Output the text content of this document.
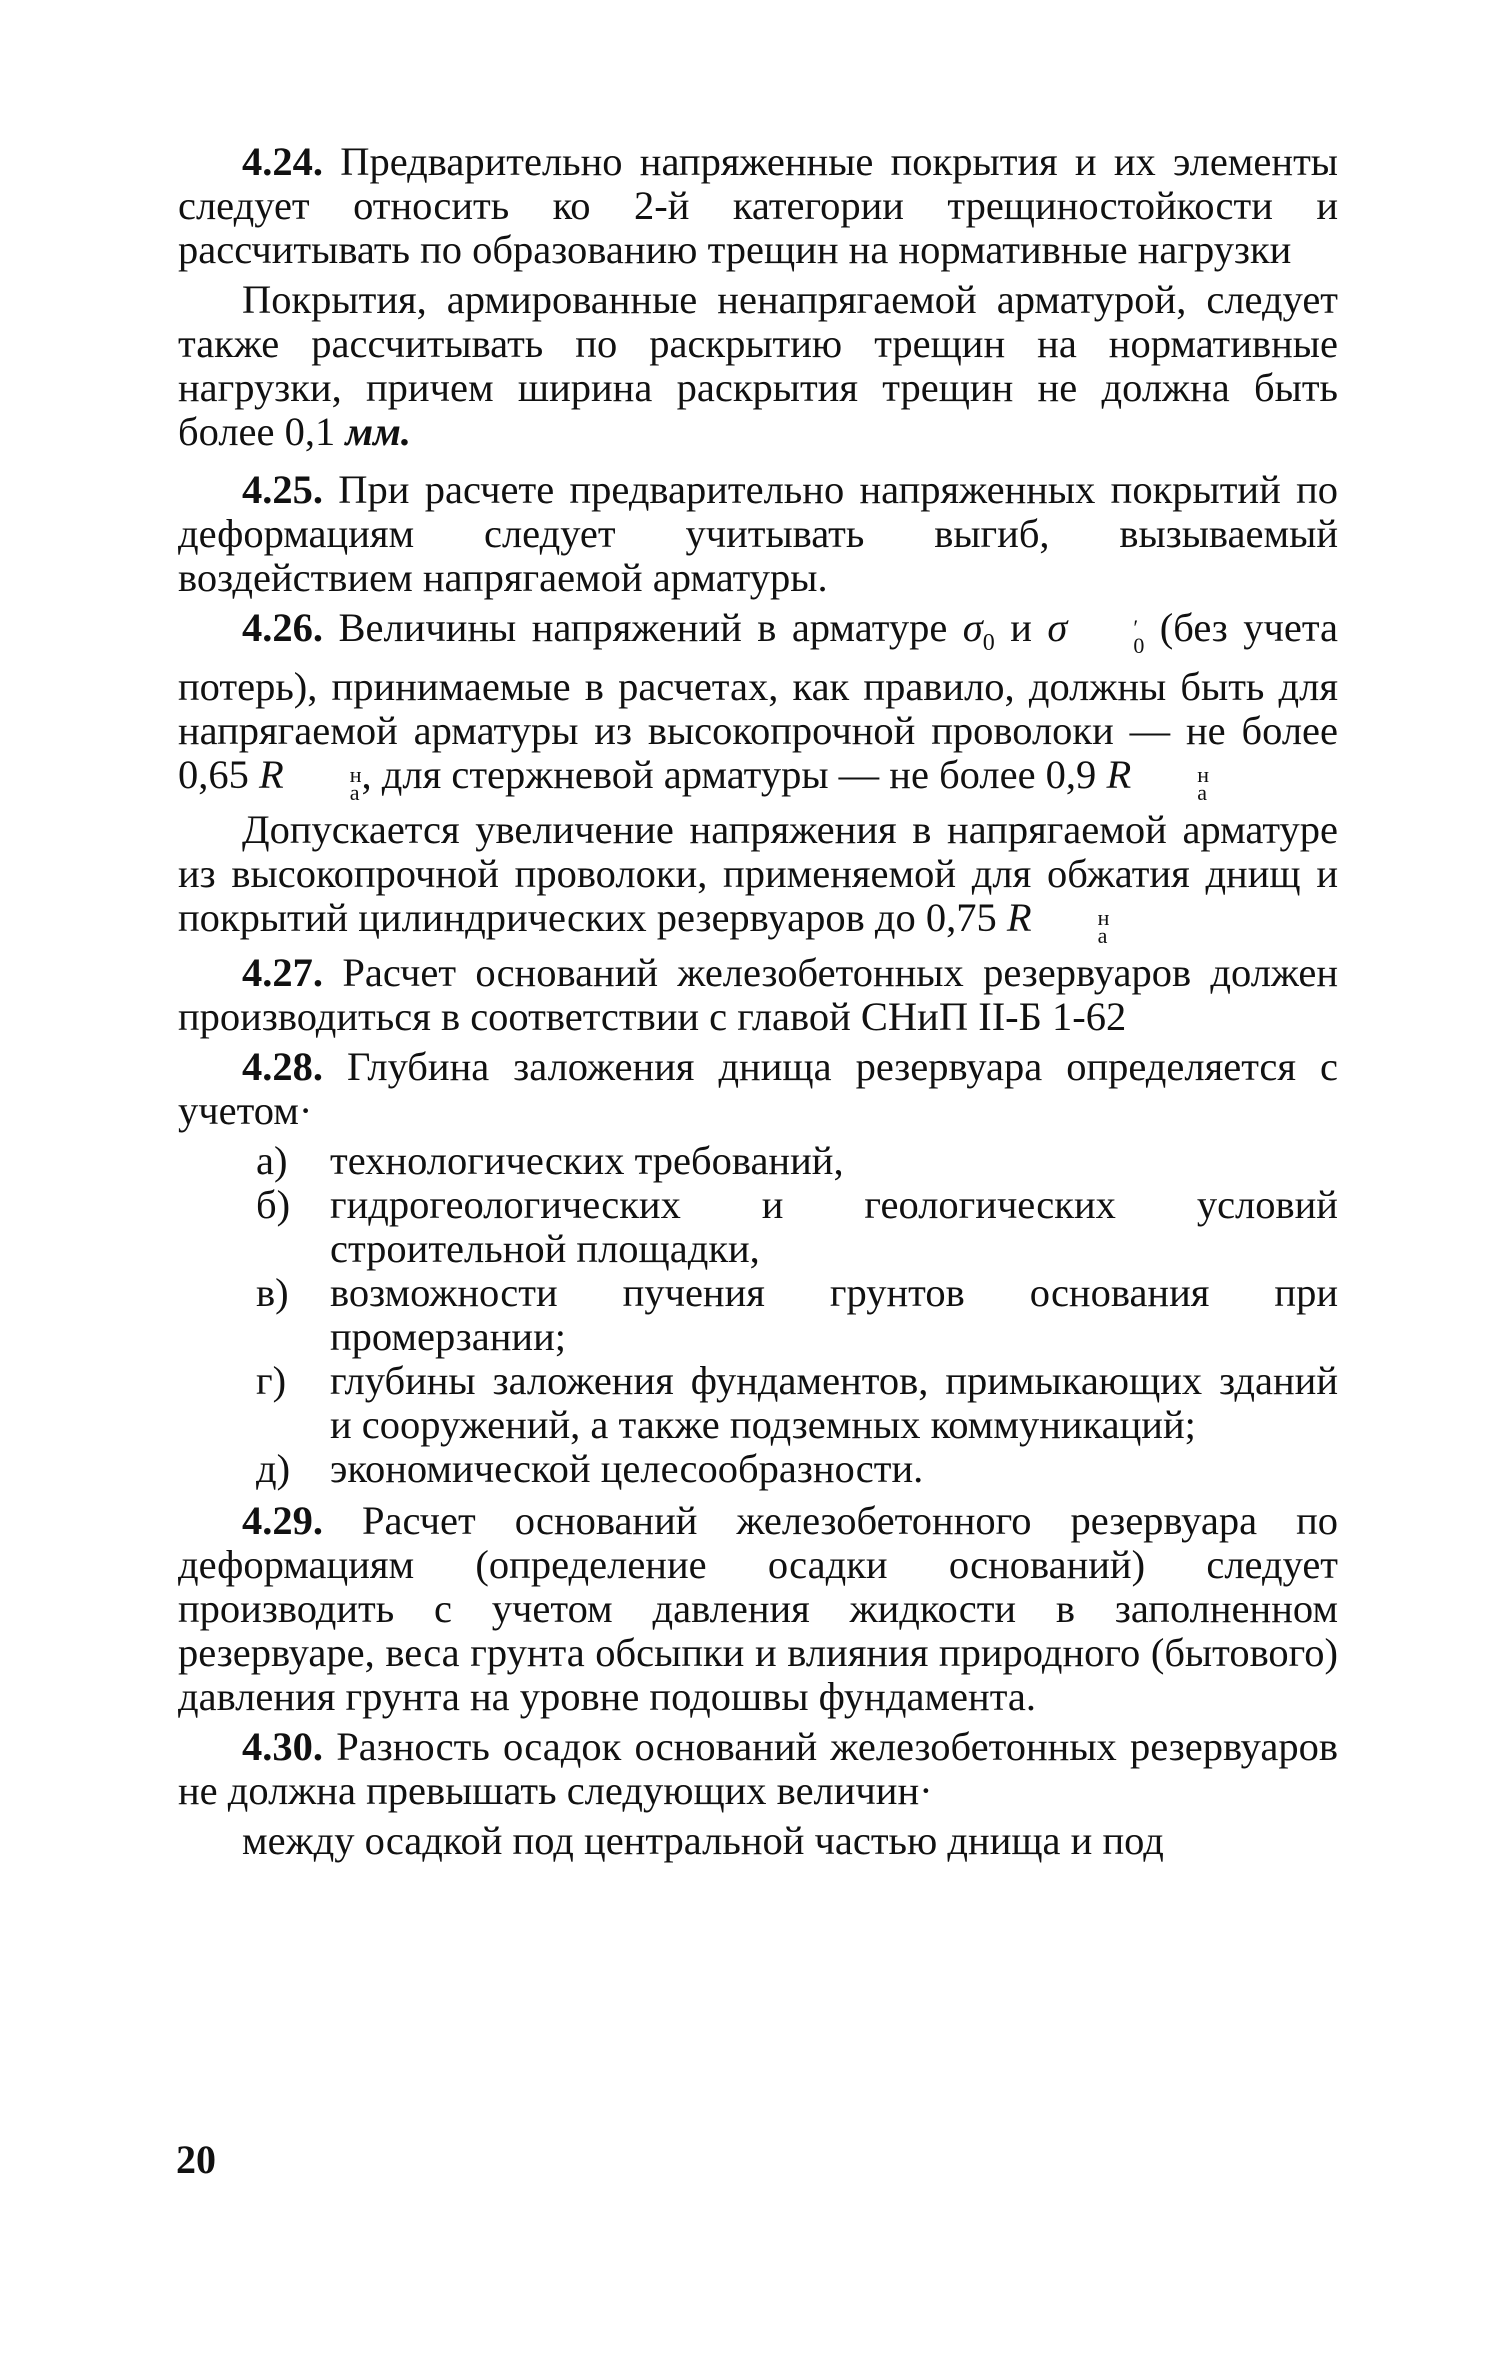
4.24. Предварительно напряженные покрытия и их элементы следует относить ко 2-й категории трещиностойкости и рассчитывать по образованию трещин на нормативные нагрузки

Покрытия, армированные ненапрягаемой арматурой, следует также рассчитывать по раскрытию трещин на нормативные нагрузки, причем ширина раскрытия трещин не должна быть более 0,1 мм.

4.25. При расчете предварительно напряженных покрытий по деформациям следует учитывать выгиб, вызываемый воздействием напрягаемой арматуры.

4.26. Величины напряжений в арматуре $\sigma_0$ и σ	′
0 (без учета потерь), принимаемые в расчетах, как правило, должны быть для напрягаемой арматуры из высокопрочной проволоки — не более 0,65 R	н
а , для стержневой арматуры — не более 0,9 R	н
а

Допускается увеличение напряжения в напрягаемой арматуре из высокопрочной проволоки, применяемой для обжатия днищ и покрытий цилиндрических резервуаров до 0,75 R	н
а

4.27. Расчет оснований железобетонных резервуаров должен производиться в соответствии с главой СНиП II-Б 1-62

4.28. Глубина заложения днища резервуара определяется с учетом·

а) технологических требований,
б) гидрогеологических и геологических условий строительной площадки,
в) возможности пучения грунтов основания при промерзании;
г) глубины заложения фундаментов, примыкающих зданий и сооружений, а также подземных коммуникаций;
д) экономической целесообразности.

4.29. Расчет оснований железобетонного резервуара по деформациям (определение осадки оснований) следует производить с учетом давления жидкости в заполненном резервуаре, веса грунта обсыпки и влияния природного (бытового) давления грунта на уровне подошвы фундамента.

4.30. Разность осадок оснований железобетонных резервуаров не должна превышать следующих величин·

между осадкой под центральной частью днища и под

20
